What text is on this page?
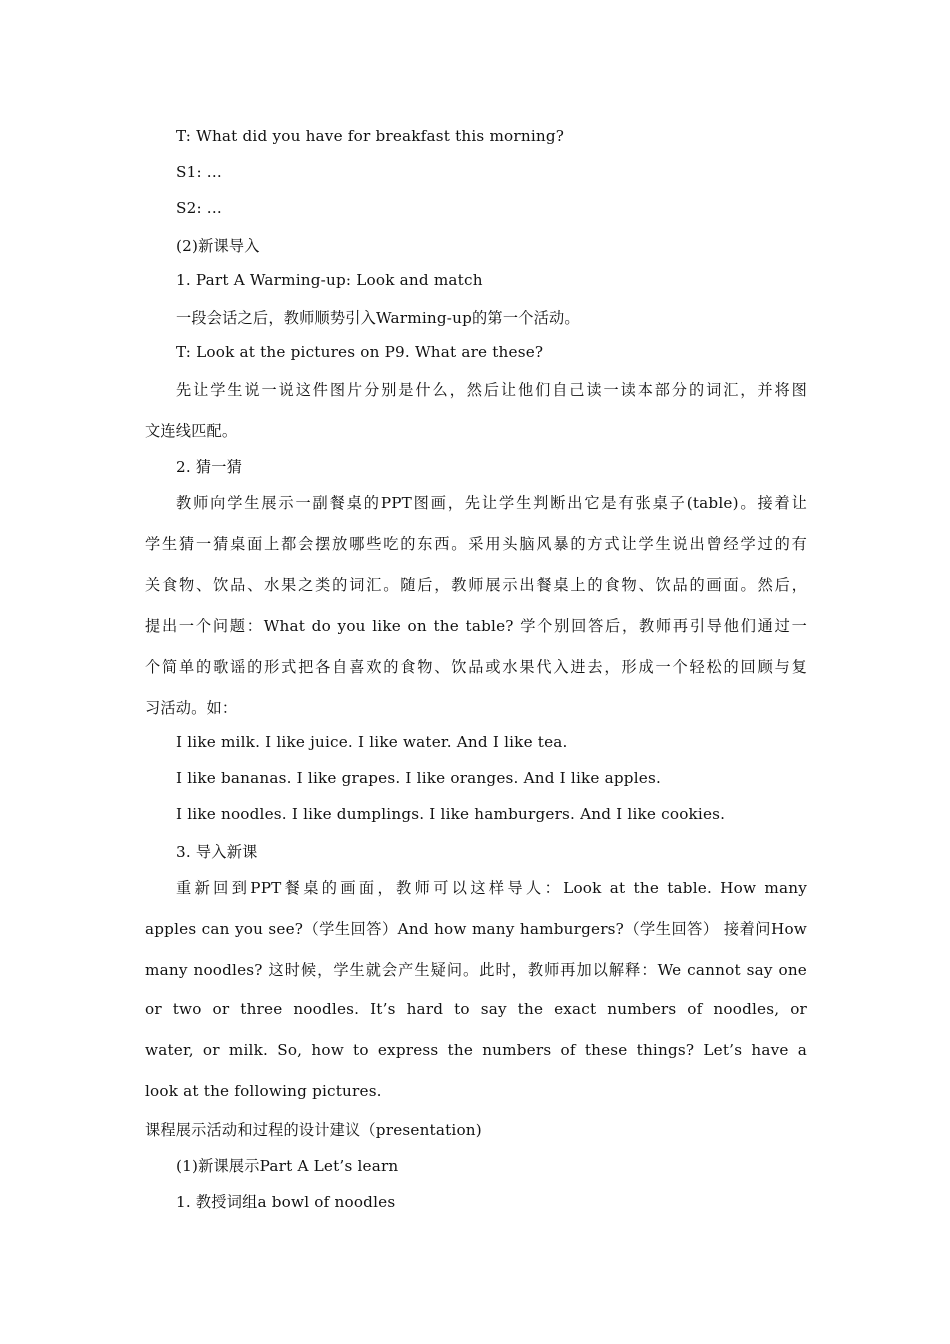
T: What did you have for breakfast this morning?
S1: ...
S2: ...
(2)新课导入
1. Part A Warming-up: Look and match
一段会话之后，教师顺势引入Warming-up的第一个活动。
T: Look at the pictures on P9. What are these?
先让学生说一说这件图片分别是什么，然后让他们自己读一读本部分的词汇，并将图
文连线匹配。
2. 猜一猜
教师向学生展示一副餐桌的PPT图画，先让学生判断出它是有张桌子(table)。接着让
学生猜一猜桌面上都会摆放哪些吃的东西。采用头脑风暴的方式让学生说出曾经学过的有
关食物、饮品、水果之类的词汇。随后，教师展示出餐桌上的食物、饮品的画面。然后，
提出一个问题：What do you like on the table? 学个别回答后，教师再引导他们通过一
个简单的歌谣的形式把各自喜欢的食物、饮品或水果代入进去，形成一个轻松的回顾与复
习活动。如：
I like milk. I like juice. I like water. And I like tea.
I like bananas. I like grapes. I like oranges. And I like apples.
I like noodles. I like dumplings. I like hamburgers. And I like cookies.
3. 导入新课
重新回到PPT餐桌的画面，教师可以这样导人：Look at the table. How many
apples can you see?（学生回答）And how many hamburgers?（学生回答） 接着问How
many noodles? 这时候，学生就会产生疑问。此时，教师再加以解释：We cannot say one
or two or three noodles. It’s hard to say the exact numbers of noodles, or
water, or milk. So, how to express the numbers of these things? Let’s have a
look at the following pictures.
课程展示活动和过程的设计建议（presentation)
(1)新课展示Part A Let’s learn
1. 教授词组a bowl of noodles
